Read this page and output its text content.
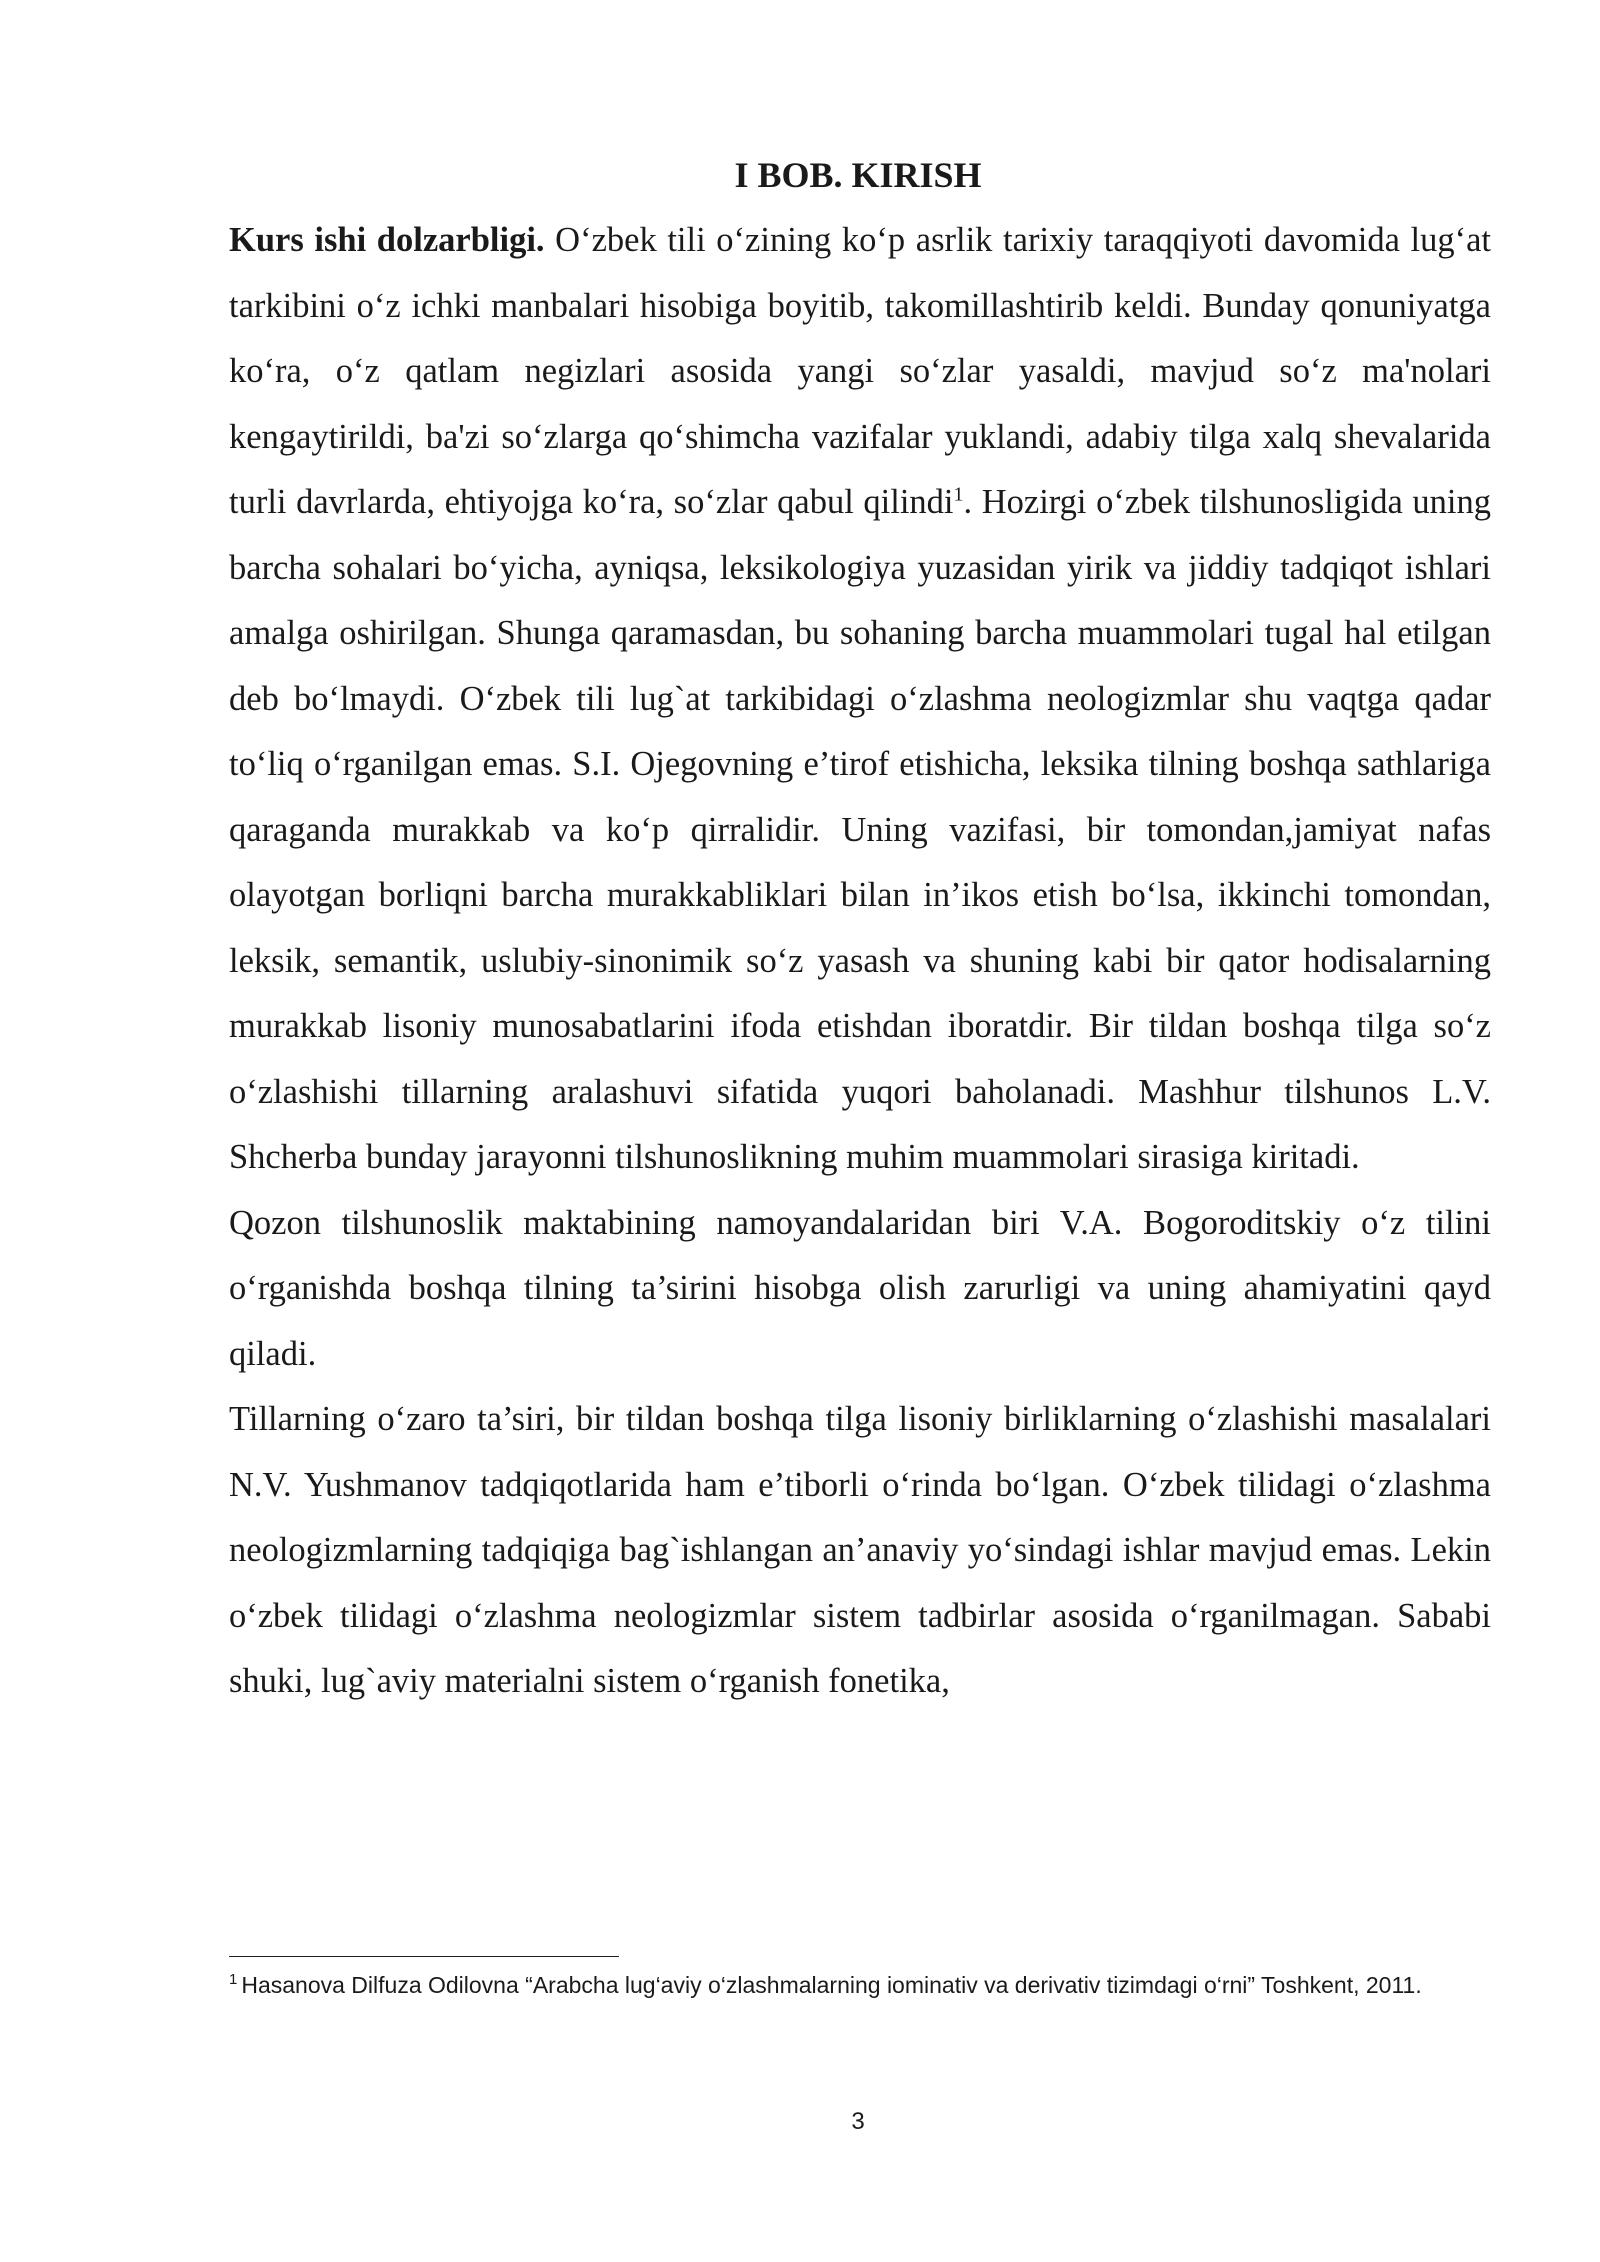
I BOB. KIRISH

Kurs ishi dolzarbligi. O‘zbek tili o‘zining ko‘p asrlik tarixiy taraqqiyoti davomida lug‘at tarkibini o‘z ichki manbalari hisobiga boyitib, takomillashtirib keldi. Bunday qonuniyatga ko‘ra, o‘z qatlam negizlari asosida yangi so‘zlar yasaldi, mavjud so‘z ma'nolari kengaytirildi, ba'zi so‘zlarga qo‘shimcha vazifalar yuklandi, adabiy tilga xalq shevalarida turli davrlarda, ehtiyojga ko‘ra, so‘zlar qabul qilindi$^1$. Hozirgi o‘zbek tilshunosligida uning barcha sohalari bo‘yicha, ayniqsa, leksikologiya yuzasidan yirik va jiddiy tadqiqot ishlari amalga oshirilgan. Shunga qaramasdan, bu sohaning barcha muammolari tugal hal etilgan deb bo‘lmaydi. O‘zbek tili lug`at tarkibidagi o‘zlashma neologizmlar shu vaqtga qadar to‘liq o‘rganilgan emas. S.I. Ojegovning e’tirof etishicha, leksika tilning boshqa sathlariga qaraganda murakkab va ko‘p qirralidir. Uning vazifasi, bir tomondan,jamiyat nafas olayotgan borliqni barcha murakkabliklari bilan in’ikos etish bo‘lsa, ikkinchi tomondan, leksik, semantik, uslubiy-sinonimik so‘z yasash va shuning kabi bir qator hodisalarning murakkab lisoniy munosabatlarini ifoda etishdan iboratdir. Bir tildan boshqa tilga so‘z o‘zlashishi tillarning aralashuvi sifatida yuqori baholanadi. Mashhur tilshunos L.V. Shcherba bunday jarayonni tilshunoslikning muhim muammolari sirasiga kiritadi.

Qozon tilshunoslik maktabining namoyandalaridan biri V.A. Bogoroditskiy o‘z tilini o‘rganishda boshqa tilning ta’sirini hisobga olish zarurligi va uning ahamiyatini qayd qiladi.

Tillarning o‘zaro ta’siri, bir tildan boshqa tilga lisoniy birliklarning o‘zlashishi masalalari N.V. Yushmanov tadqiqotlarida ham e’tiborli o‘rinda bo‘lgan. O‘zbek tilidagi o‘zlashma neologizmlarning tadqiqiga bag`ishlangan an’anaviy yo‘sindagi ishlar mavjud emas. Lekin o‘zbek tilidagi o‘zlashma neologizmlar sistem tadbirlar asosida o‘rganilmagan. Sababi shuki, lug`aviy materialni sistem o‘rganish fonetika,

$^1$ Hasanova Dilfuza Odilovna “Arabcha lug‘aviy o‘zlashmalarning iominativ va derivativ tizimdagi o‘rni” Toshkent, 2011.
3
